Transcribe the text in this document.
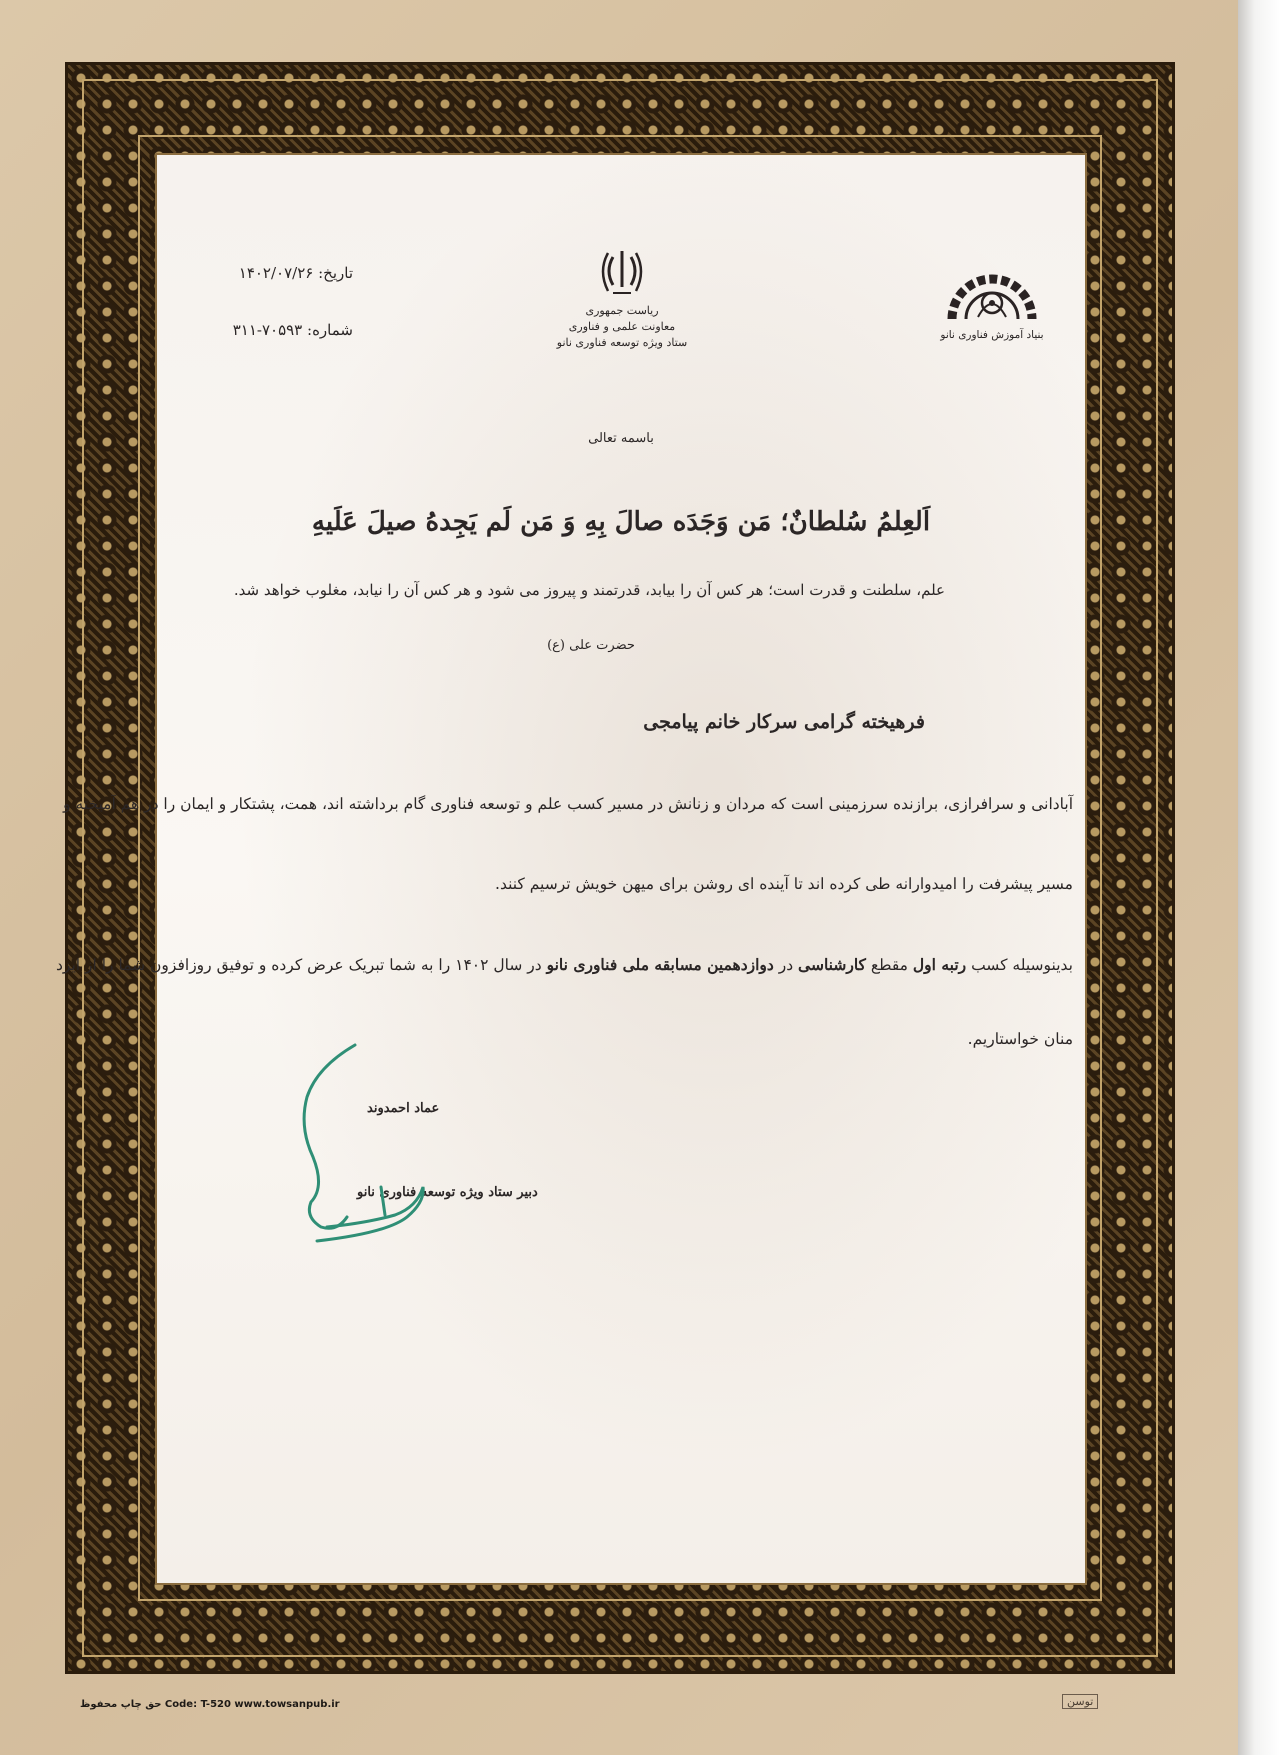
تاریخ: ۱۴۰۲/۰۷/۲۶
شماره: ۷۰۵۹۳-۳۱۱
ریاست جمهوری
معاونت علمی و فناوری
ستاد ویژه توسعه فناوری نانو
بنیاد آموزش فناوری نانو
باسمه تعالی
اَلعِلمُ سُلطانٌ؛ مَن وَجَدَه صالَ بِهِ وَ مَن لَم یَجِدهُ صیلَ عَلَیهِ
علم، سلطنت و قدرت است؛ هر کس آن را بیابد، قدرتمند و پیروز می شود و هر کس آن را نیابد، مغلوب خواهد شد.
حضرت علی (ع)
فرهیخته گرامی سرکار خانم پیامجی
آبادانی و سرافرازی، برازنده سرزمینی است که مردان و زنانش در مسیر کسب علم و توسعه فناوری گام برداشته اند، همت، پشتکار و ایمان را در هم آمیخته و
مسیر پیشرفت را امیدوارانه طی کرده اند تا آینده ای روشن برای میهن خویش ترسیم کنند.
بدینوسیله کسب رتبه اول مقطع کارشناسی در دوازدهمین مسابقه ملی فناوری نانو در سال ۱۴۰۲ را به شما تبریک عرض کرده و توفیق روزافزون شما را از ایزد
منان خواستاریم.
عماد احمدوند
دبیر ستاد ویژه توسعه فناوری نانو
حق چاپ محفوظ Code: T-520 www.towsanpub.ir	توسن
